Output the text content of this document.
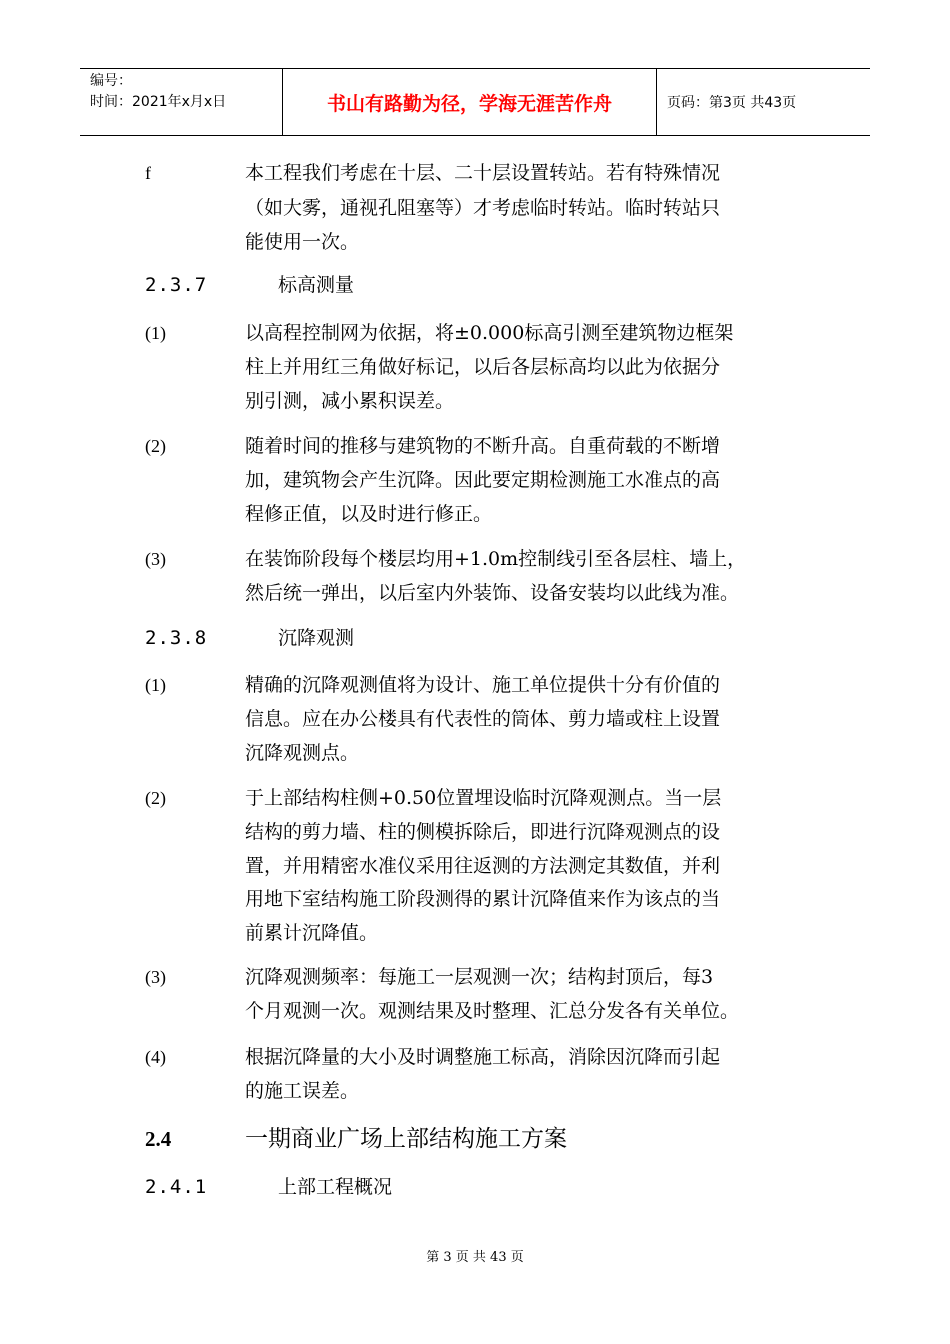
编号：
时间：2021年x月x日	书山有路勤为径，学海无涯苦作舟	页码：第3页 共43页
f	本工程我们考虑在十层、二十层设置转站。若有特殊情况
（如大雾，通视孔阻塞等）才考虑临时转站。临时转站只
能使用一次。
2.3.7	标高测量
(1)	以高程控制网为依据，将±0.000标高引测至建筑物边框架
柱上并用红三角做好标记，以后各层标高均以此为依据分
别引测，减小累积误差。
(2)	随着时间的推移与建筑物的不断升高。自重荷载的不断增
加，建筑物会产生沉降。因此要定期检测施工水准点的高
程修正值，以及时进行修正。
(3)	在装饰阶段每个楼层均用+1.0m控制线引至各层柱、墙上，
然后统一弹出，以后室内外装饰、设备安装均以此线为准。
2.3.8	沉降观测
(1)	精确的沉降观测值将为设计、施工单位提供十分有价值的
信息。应在办公楼具有代表性的筒体、剪力墙或柱上设置
沉降观测点。
(2)	于上部结构柱侧+0.50位置埋设临时沉降观测点。当一层
结构的剪力墙、柱的侧模拆除后，即进行沉降观测点的设
置，并用精密水准仪采用往返测的方法测定其数值，并利
用地下室结构施工阶段测得的累计沉降值来作为该点的当
前累计沉降值。
(3)	沉降观测频率：每施工一层观测一次；结构封顶后，每3
个月观测一次。观测结果及时整理、汇总分发各有关单位。
(4)	根据沉降量的大小及时调整施工标高，消除因沉降而引起
的施工误差。
2.4	一期商业广场上部结构施工方案
2.4.1	上部工程概况
第 3 页 共 43 页
